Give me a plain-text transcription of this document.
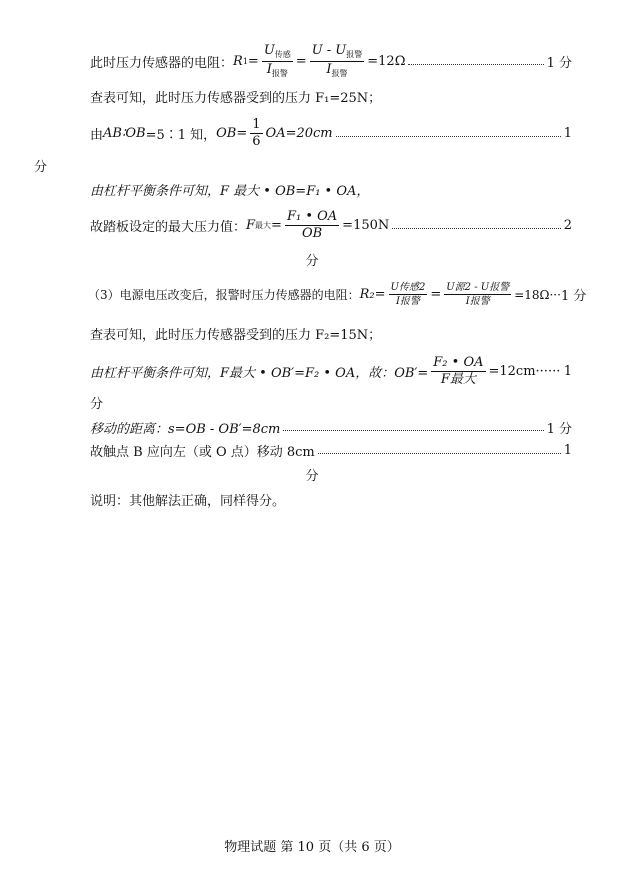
此时压力传感器的电阻： R $1 = \frac{U_{传感}}{I_{报警}} = \frac{U - U_{报警}}{I_{报警}} =12\Omega$	1 分
查表可知，此时压力传感器受到的压力 F₁=25N；
由 AB∶OB =5∶1 知， OB = $\frac{1}{6} OA=20cm$	1
分
由杠杆平衡条件可知，F 最大 • OB=F₁ • OA，
故踏板设定的最大压力值： F 最大 = $\frac{\text{F₁ • OA}}{OB} =150N$	2
分
（3）电源电压改变后，报警时压力传感器的电阻： $R_2= \frac{\text{U传感2}}{\text{I报警}} = \frac{\text{U源2 - U报警}}{\text{I报警}} =18\Omega\cdot\cdot\cdot 1$ 分
查表可知，此时压力传感器受到的压力 F₂=15N；
由杠杆平衡条件可知，F最大 • OB′=F₂ • OA，故：$OB'= \frac{\text{F₂ • OA}}{\text{F最大}} =12cm\cdot\cdot\cdot\cdot\cdot\cdot 1$
分
移动的距离：s=OB - OB′=8cm	1 分
故触点 B 应向左（或 O 点）移动 8cm	1
分
说明：其他解法正确，同样得分。
物理试题 第 10 页（共 6 页）
